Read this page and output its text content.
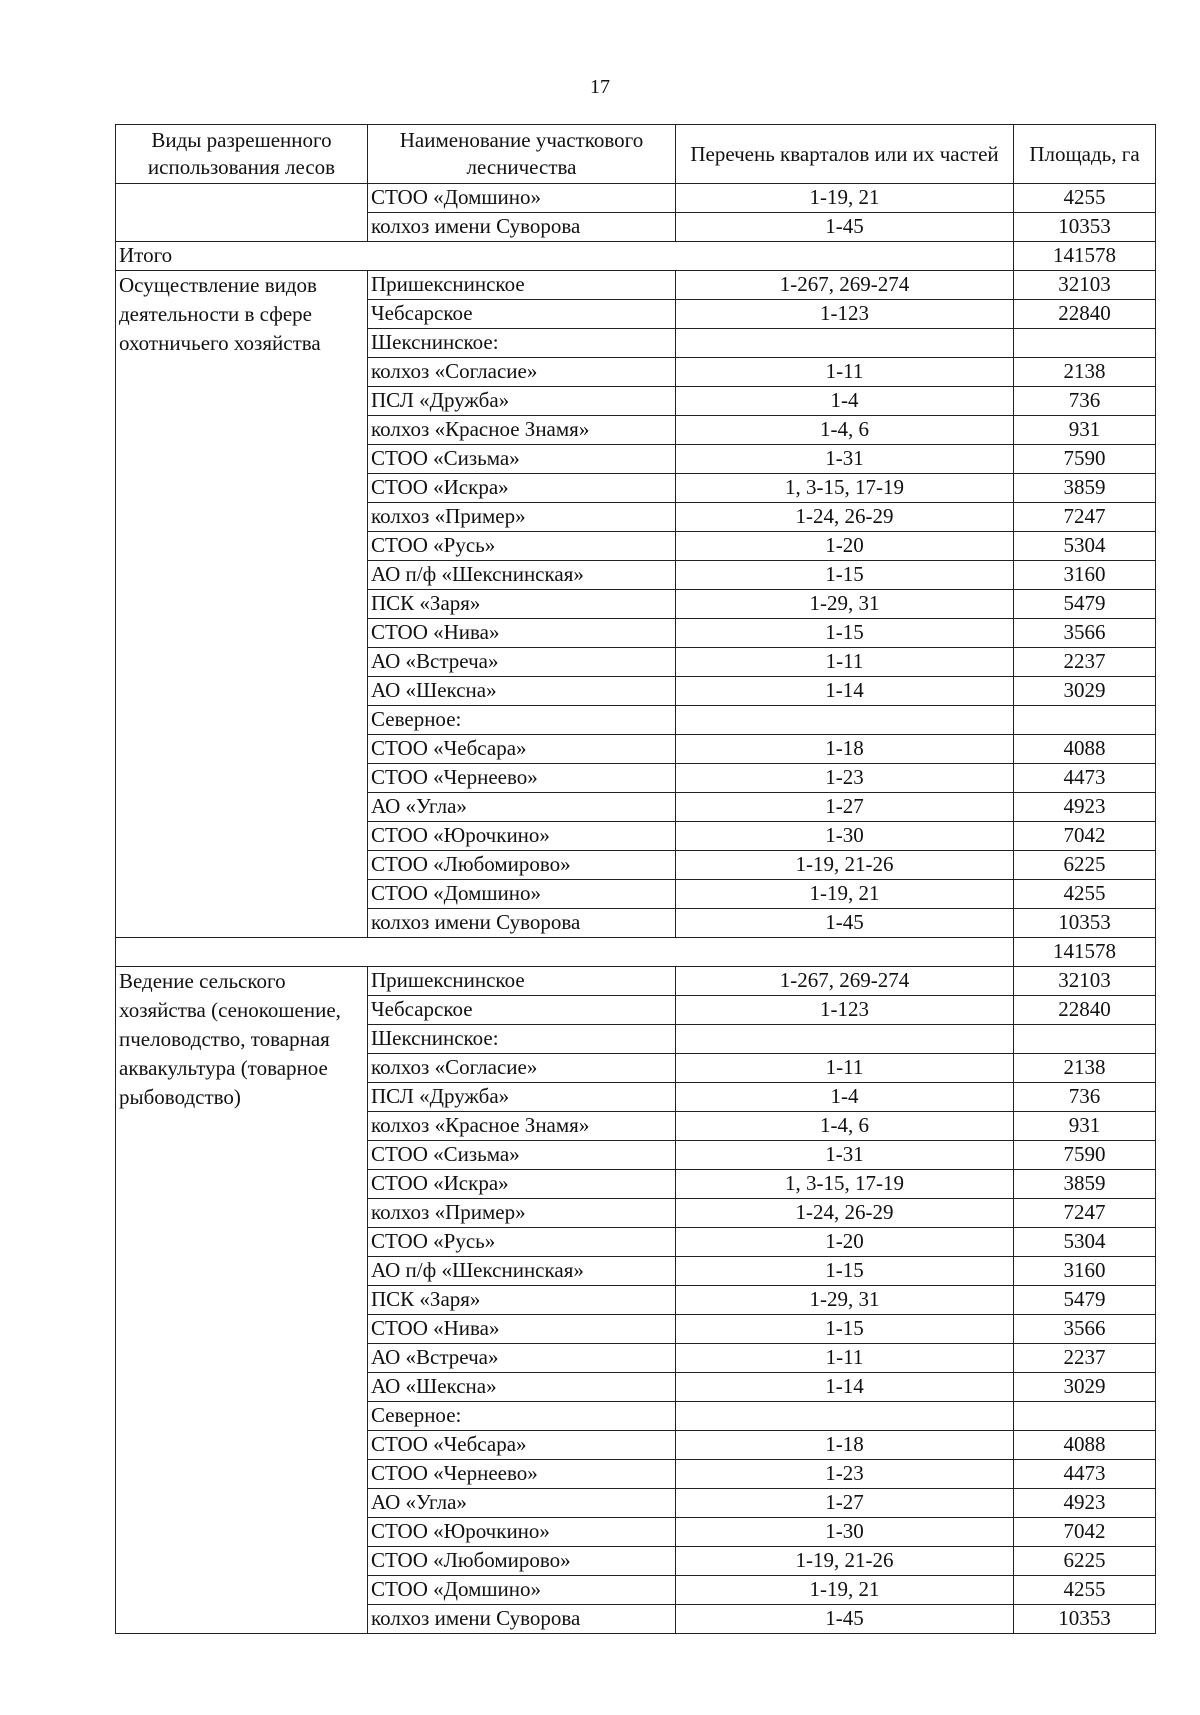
17
Виды разрешенного использования лесов	Наименование участкового лесничества	Перечень кварталов или их частей	Площадь, га
	СТОО «Домшино»	1-19, 21	4255
	колхоз имени Суворова	1-45	10353
Итого			141578
Осуществление видов деятельности в сфере охотничьего хозяйства	Пришекснинское	1-267, 269-274	32103
	Чебсарское	1-123	22840
	Шекснинское:		
	колхоз «Согласие»	1-11	2138
	ПСЛ «Дружба»	1-4	736
	колхоз «Красное Знамя»	1-4, 6	931
	СТОО «Сизьма»	1-31	7590
	СТОО «Искра»	1, 3-15, 17-19	3859
	колхоз «Пример»	1-24, 26-29	7247
	СТОО «Русь»	1-20	5304
	АО п/ф «Шекснинская»	1-15	3160
	ПСК «Заря»	1-29, 31	5479
	СТОО «Нива»	1-15	3566
	АО «Встреча»	1-11	2237
	АО «Шексна»	1-14	3029
	Северное:		
	СТОО «Чебсара»	1-18	4088
	СТОО «Чернеево»	1-23	4473
	АО «Угла»	1-27	4923
	СТОО «Юрочкино»	1-30	7042
	СТОО «Любомирово»	1-19, 21-26	6225
	СТОО «Домшино»	1-19, 21	4255
	колхоз имени Суворова	1-45	10353
			141578
Ведение сельского хозяйства (сенокошение, пчеловодство, товарная аквакультура (товарное рыбоводство)	Пришекснинское	1-267, 269-274	32103
	Чебсарское	1-123	22840
	Шекснинское:		
	колхоз «Согласие»	1-11	2138
	ПСЛ «Дружба»	1-4	736
	колхоз «Красное Знамя»	1-4, 6	931
	СТОО «Сизьма»	1-31	7590
	СТОО «Искра»	1, 3-15, 17-19	3859
	колхоз «Пример»	1-24, 26-29	7247
	СТОО «Русь»	1-20	5304
	АО п/ф «Шекснинская»	1-15	3160
	ПСК «Заря»	1-29, 31	5479
	СТОО «Нива»	1-15	3566
	АО «Встреча»	1-11	2237
	АО «Шексна»	1-14	3029
	Северное:		
	СТОО «Чебсара»	1-18	4088
	СТОО «Чернеево»	1-23	4473
	АО «Угла»	1-27	4923
	СТОО «Юрочкино»	1-30	7042
	СТОО «Любомирово»	1-19, 21-26	6225
	СТОО «Домшино»	1-19, 21	4255
	колхоз имени Суворова	1-45	10353
